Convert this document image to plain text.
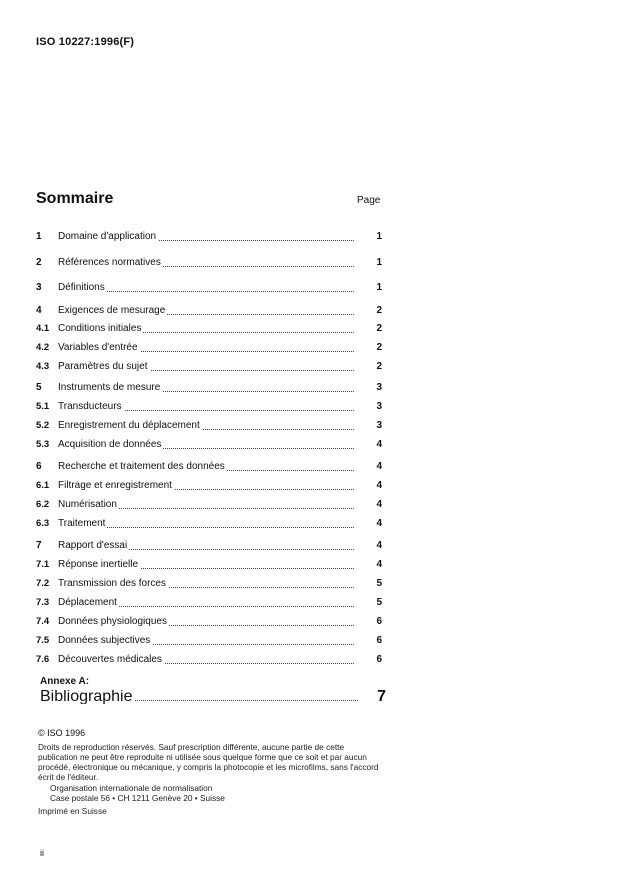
ISO 10227:1996(F)
Sommaire	Page
1	Domaine d'application	1
2	Références normatives	1
3	Définitions	1
4	Exigences de mesurage	2
4.1 Conditions initiales	2
4.2 Variables d'entrée	2
4.3 Paramètres du sujet	2
5	Instruments de mesure	3
5.1 Transducteurs	3
5.2 Enregistrement du déplacement	3
5.3 Acquisition de données	4
6	Recherche et traitement des données	4
6.1 Filtrage et enregistrement	4
6.2 Numérisation	4
6.3 Traitement	4
7	Rapport d'essai	4
7.1 Réponse inertielle	4
7.2 Transmission des forces	5
7.3 Déplacement	5
7.4 Données physiologiques	6
7.5 Données subjectives	6
7.6 Découvertes médicales	6
Annexe A:
Bibliographie	7
© ISO 1996
Droits de reproduction réservés. Sauf prescription différente, aucune partie de cette publication ne peut être reproduite ni utilisée sous quelque forme que ce soit et par aucun procédé, électronique ou mécanique, y compris la photocopie et les microfilms, sans l'accord écrit de l'éditeur.
Organisation internationale de normalisation
Case postale 56 • CH 1211 Genève 20 • Suisse
Imprimé en Suisse
ii
